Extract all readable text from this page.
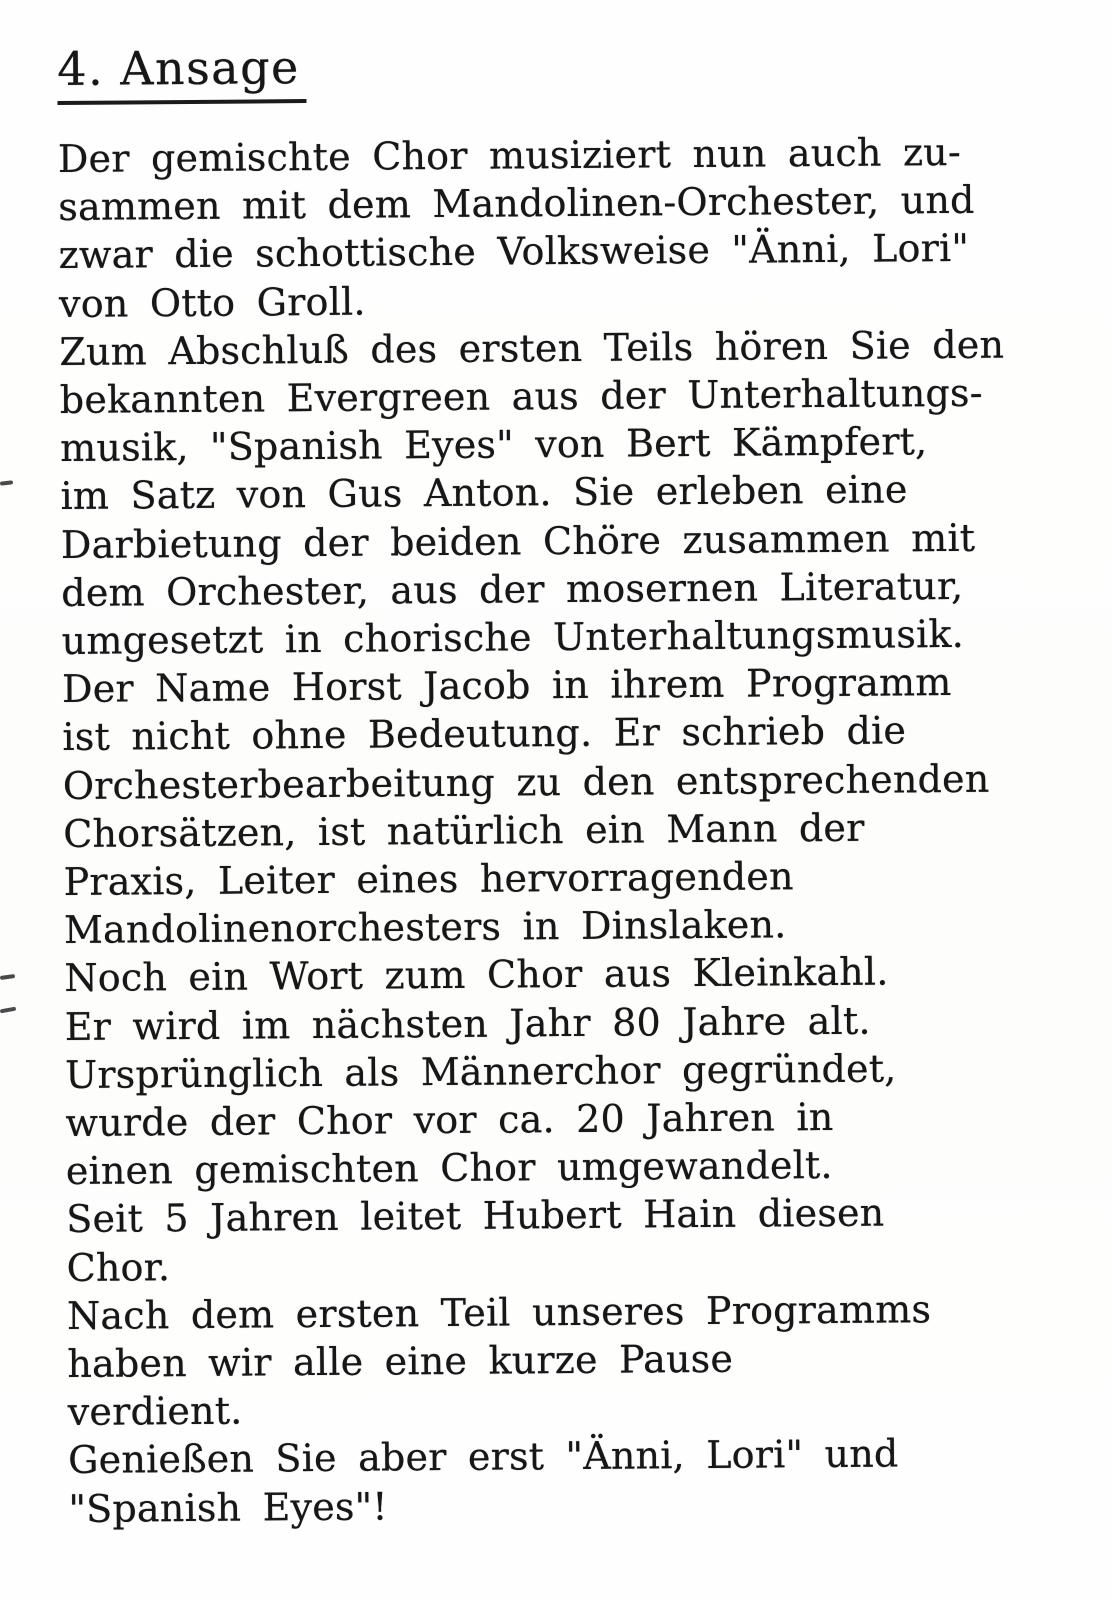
4. Ansage
Der gemischte Chor musiziert nun auch zu-
sammen mit dem Mandolinen-Orchester, und
zwar die schottische Volksweise "Änni, Lori"
von Otto Groll.
Zum Abschluß des ersten Teils hören Sie den
bekannten Evergreen aus der Unterhaltungs-
musik, "Spanish Eyes" von Bert Kämpfert,
im Satz von Gus Anton. Sie erleben eine
Darbietung der beiden Chöre zusammen mit
dem Orchester, aus der mosernen Literatur,
umgesetzt in chorische Unterhaltungsmusik.
Der Name Horst Jacob in ihrem Programm
ist nicht ohne Bedeutung. Er schrieb die
Orchesterbearbeitung zu den entsprechenden
Chorsätzen, ist natürlich ein Mann der
Praxis, Leiter eines hervorragenden
Mandolinenorchesters in Dinslaken.
Noch ein Wort zum Chor aus Kleinkahl.
Er wird im nächsten Jahr 80 Jahre alt.
Ursprünglich als Männerchor gegründet,
wurde der Chor vor ca. 20 Jahren in
einen gemischten Chor umgewandelt.
Seit 5 Jahren leitet Hubert Hain diesen
Chor.
Nach dem ersten Teil unseres Programms
haben wir alle eine kurze Pause
verdient.
Genießen Sie aber erst "Änni, Lori" und
"Spanish Eyes"!
